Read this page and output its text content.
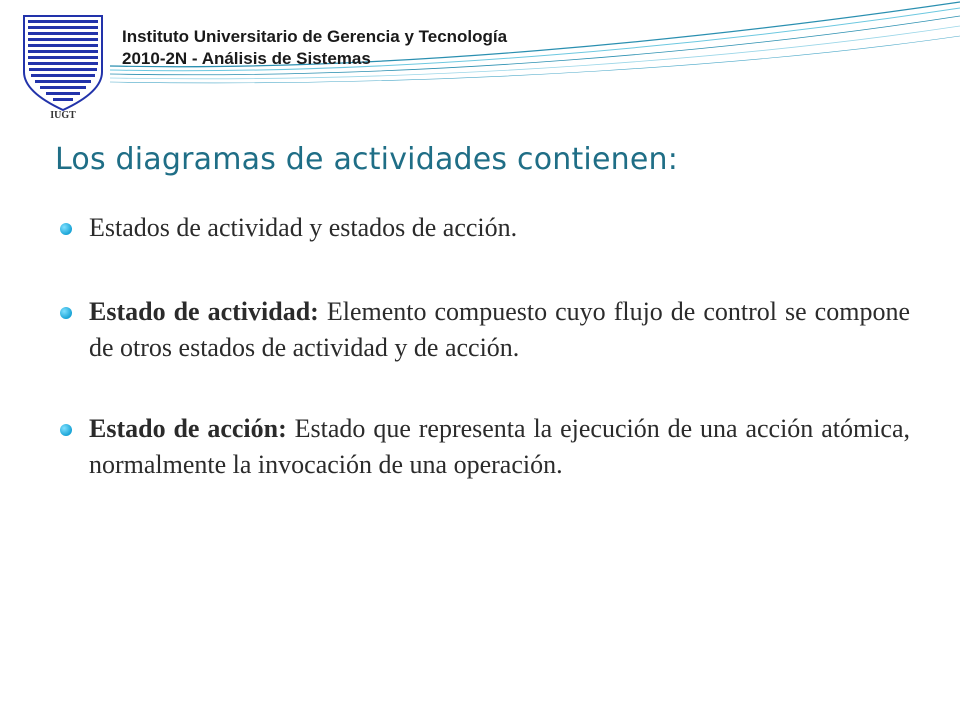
IUGT
Instituto Universitario de Gerencia y Tecnología
2010-2N - Análisis de Sistemas
Los diagramas de actividades contienen:
Estados de actividad y estados de acción.
Estado de actividad: Elemento compuesto cuyo flujo de control se compone de otros estados de actividad y de acción.
Estado de acción: Estado que representa la ejecución de una acción atómica, normalmente la invocación de una operación.
